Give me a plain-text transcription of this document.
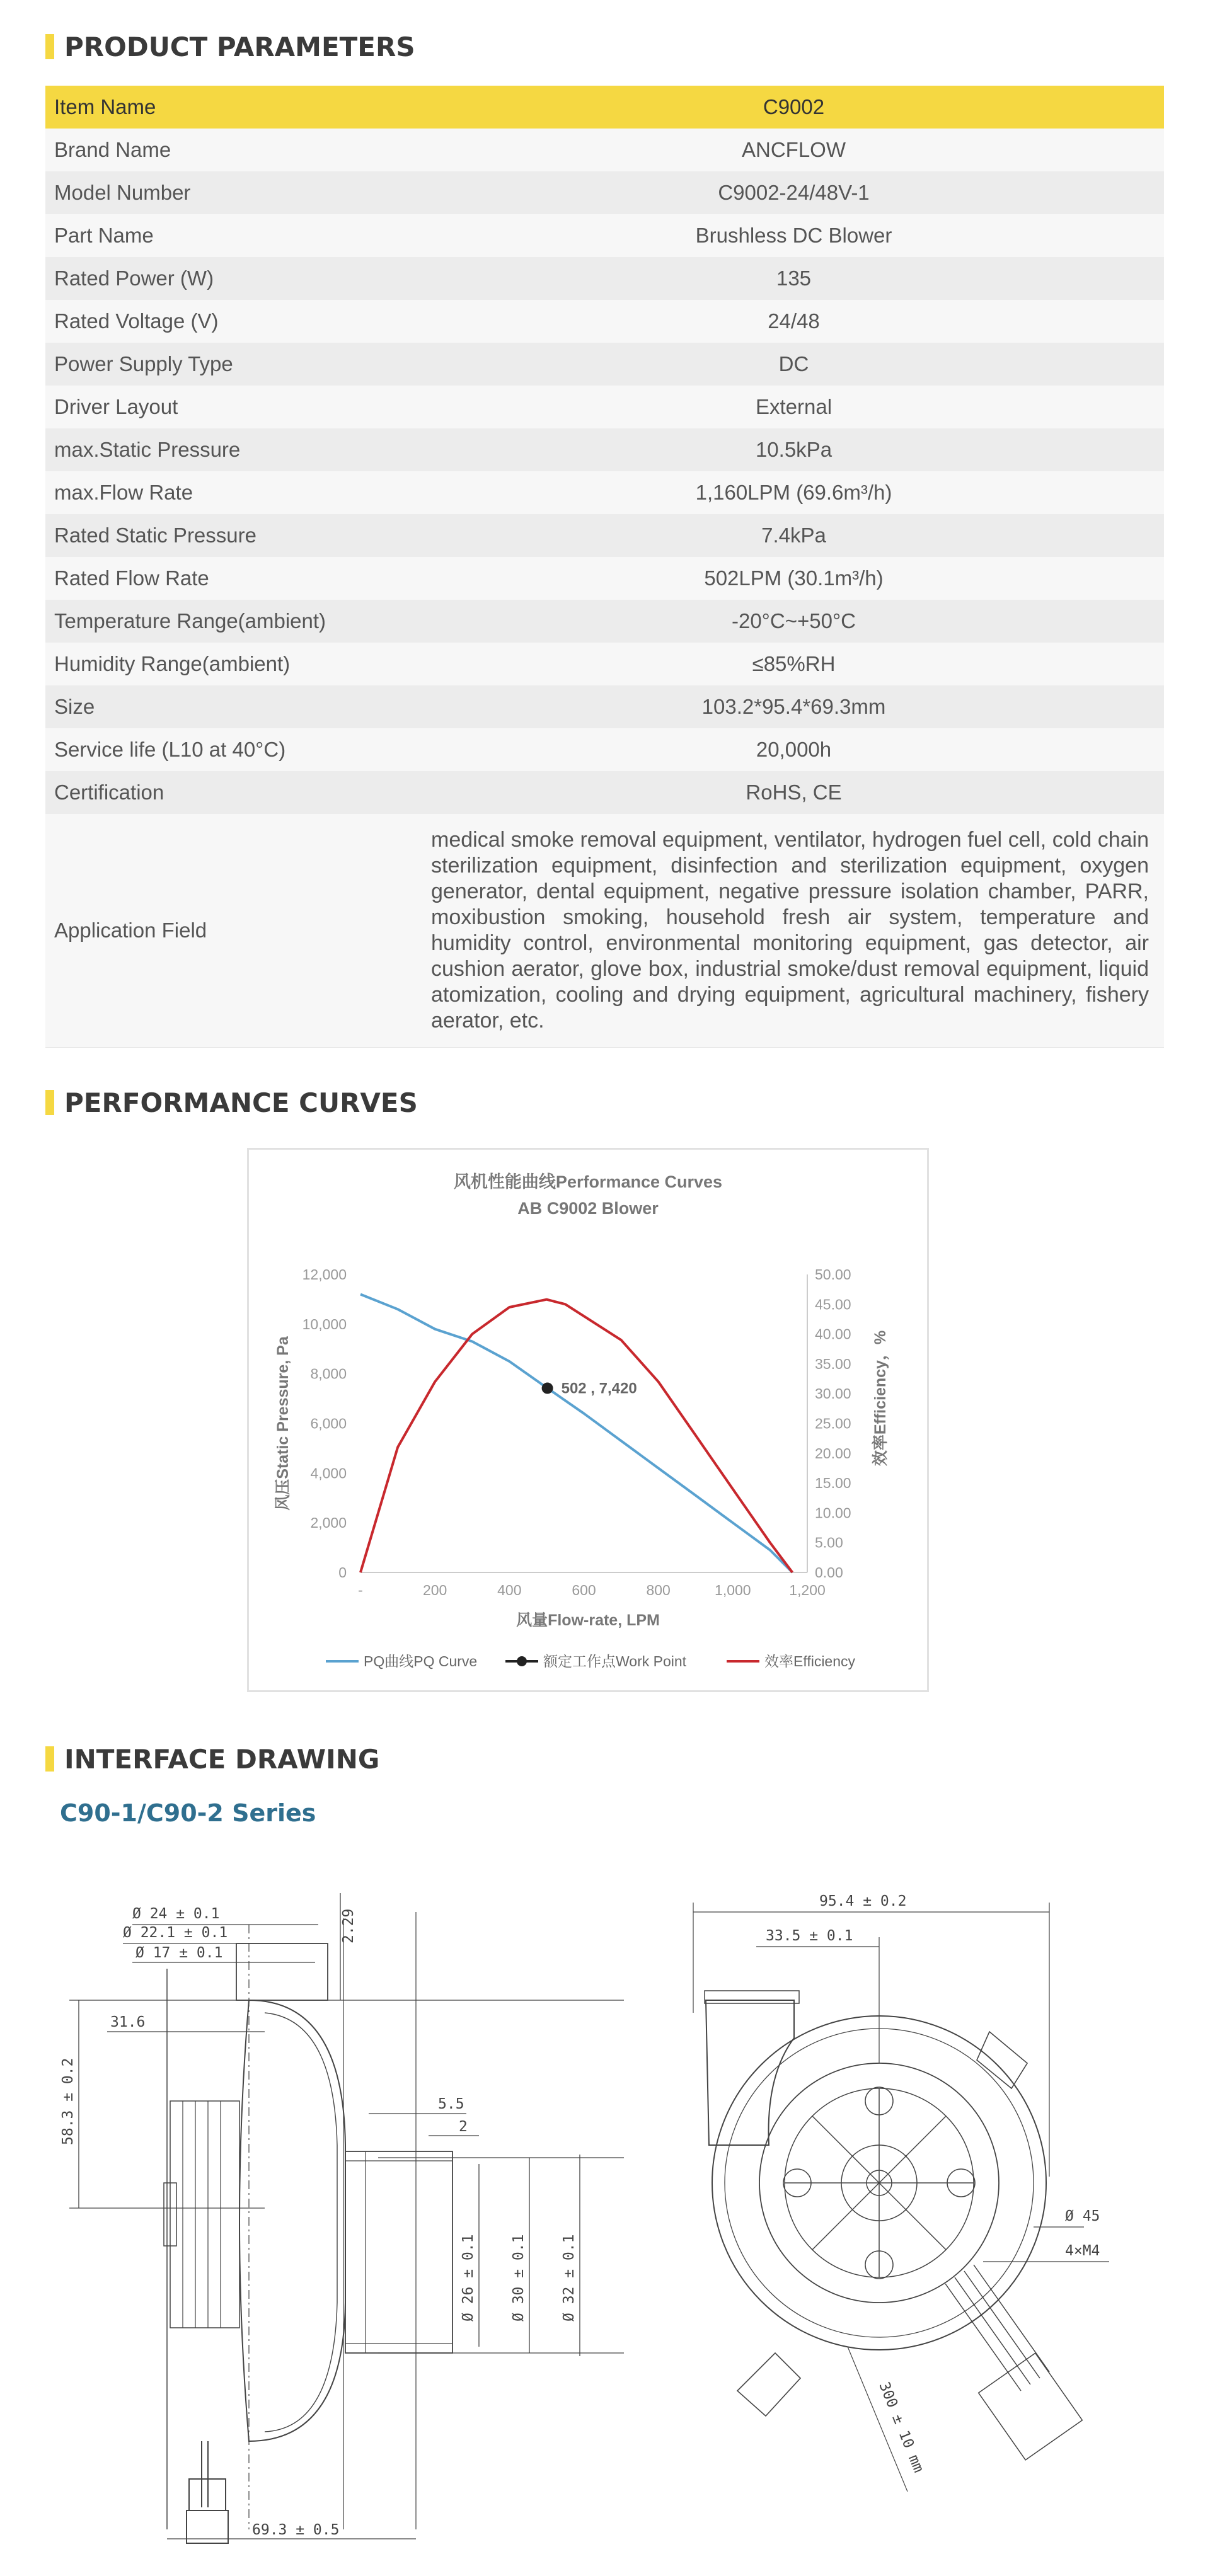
PRODUCT PARAMETERS
Item Name	C9002
Brand Name	ANCFLOW
Model Number	C9002-24/48V-1
Part Name	Brushless DC Blower
Rated Power (W)	135
Rated Voltage (V)	24/48
Power Supply Type	DC
Driver Layout	External
max.Static Pressure	10.5kPa
max.Flow Rate	1,160LPM (69.6m³/h)
Rated Static Pressure	7.4kPa
Rated Flow Rate	502LPM (30.1m³/h)
Temperature Range(ambient)	-20°C~+50°C
Humidity Range(ambient)	≤85%RH
Size	103.2*95.4*69.3mm
Service life (L10 at 40°C)	20,000h
Certification	RoHS, CE
Application Field
medical smoke removal equipment, ventilator, hydrogen fuel cell, cold chain sterilization equipment, disinfection and sterilization equipment, oxygen generator, dental equipment, negative pressure isolation chamber, PARR, moxibustion smoking, household fresh air system, temperature and humidity control, environmental monitoring equipment, gas detector, air cushion aerator, glove box, industrial smoke/dust removal equipment, liquid atomization, cooling and drying equipment, agricultural machinery, fishery aerator, etc.
PERFORMANCE CURVES
风机性能曲线Performance Curves
AB C9002 Blower
0
2,000
4,000
6,000
8,000
10,000
12,000
0.00
5.00
10.00
15.00
20.00
25.00
30.00
35.00
40.00
45.00
50.00
-	200	400	600	800	1,000	1,200
风量Flow-rate, LPM
风压Static Pressure, Pa	效率Efficiency，%
502 , 7,420
PQ曲线PQ Curve	额定工作点Work Point	效率Efficiency
INTERFACE DRAWING
C90-1/C90-2 Series
Ø 24 ± 0.1
Ø 22.1 ± 0.1
Ø 17 ± 0.1
2.29
31.6
58.3 ± 0.2	5.5
2
Ø 26 ± 0.1 Ø 30 ± 0.1 Ø 32 ± 0.1
69.3 ± 0.5
95.4 ± 0.2
33.5 ± 0.1
Ø 45
4×M4
300 ± 10 mm
